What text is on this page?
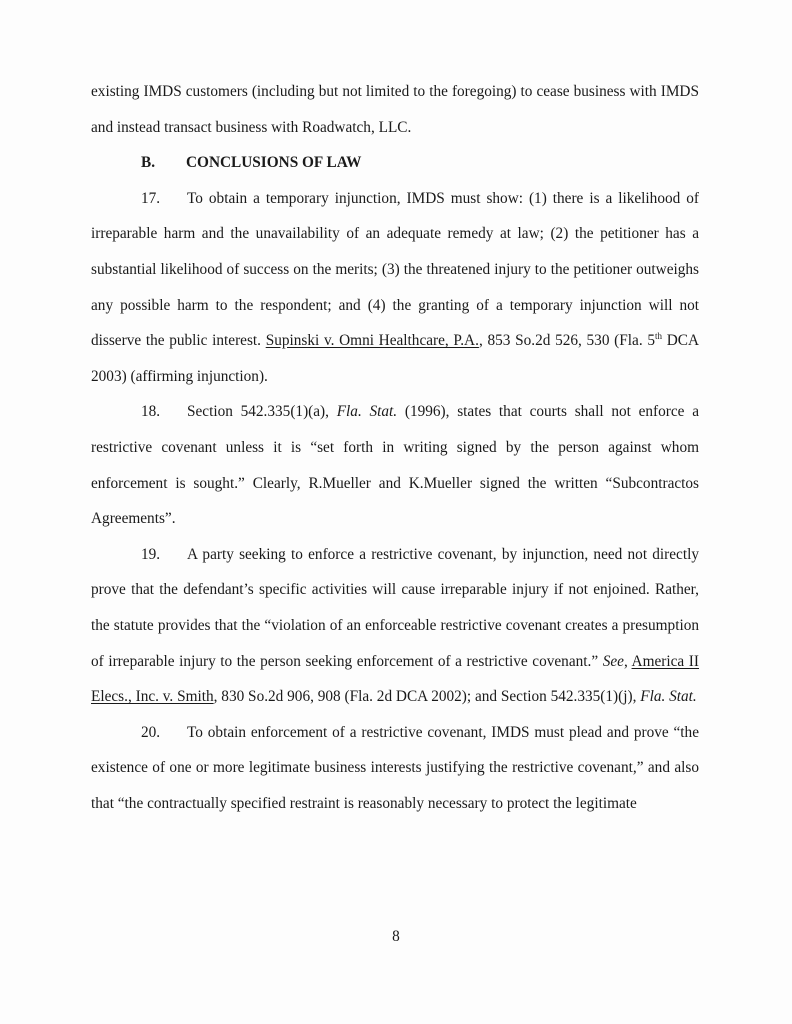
existing IMDS customers (including but not limited to the foregoing) to cease business with IMDS and instead transact business with Roadwatch, LLC.

B. CONCLUSIONS OF LAW

17. To obtain a temporary injunction, IMDS must show: (1) there is a likelihood of irreparable harm and the unavailability of an adequate remedy at law; (2) the petitioner has a substantial likelihood of success on the merits; (3) the threatened injury to the petitioner outweighs any possible harm to the respondent; and (4) the granting of a temporary injunction will not disserve the public interest. Supinski v. Omni Healthcare, P.A., 853 So.2d 526, 530 (Fla. 5th DCA 2003) (affirming injunction).

18. Section 542.335(1)(a), Fla. Stat. (1996), states that courts shall not enforce a restrictive covenant unless it is “set forth in writing signed by the person against whom enforcement is sought.” Clearly, R.Mueller and K.Mueller signed the written “Subcontractos Agreements”.

19. A party seeking to enforce a restrictive covenant, by injunction, need not directly prove that the defendant’s specific activities will cause irreparable injury if not enjoined. Rather, the statute provides that the “violation of an enforceable restrictive covenant creates a presumption of irreparable injury to the person seeking enforcement of a restrictive covenant.” See, America II Elecs., Inc. v. Smith, 830 So.2d 906, 908 (Fla. 2d DCA 2002); and Section 542.335(1)(j), Fla. Stat.

20. To obtain enforcement of a restrictive covenant, IMDS must plead and prove “the existence of one or more legitimate business interests justifying the restrictive covenant,” and also that “the contractually specified restraint is reasonably necessary to protect the legitimate

8
